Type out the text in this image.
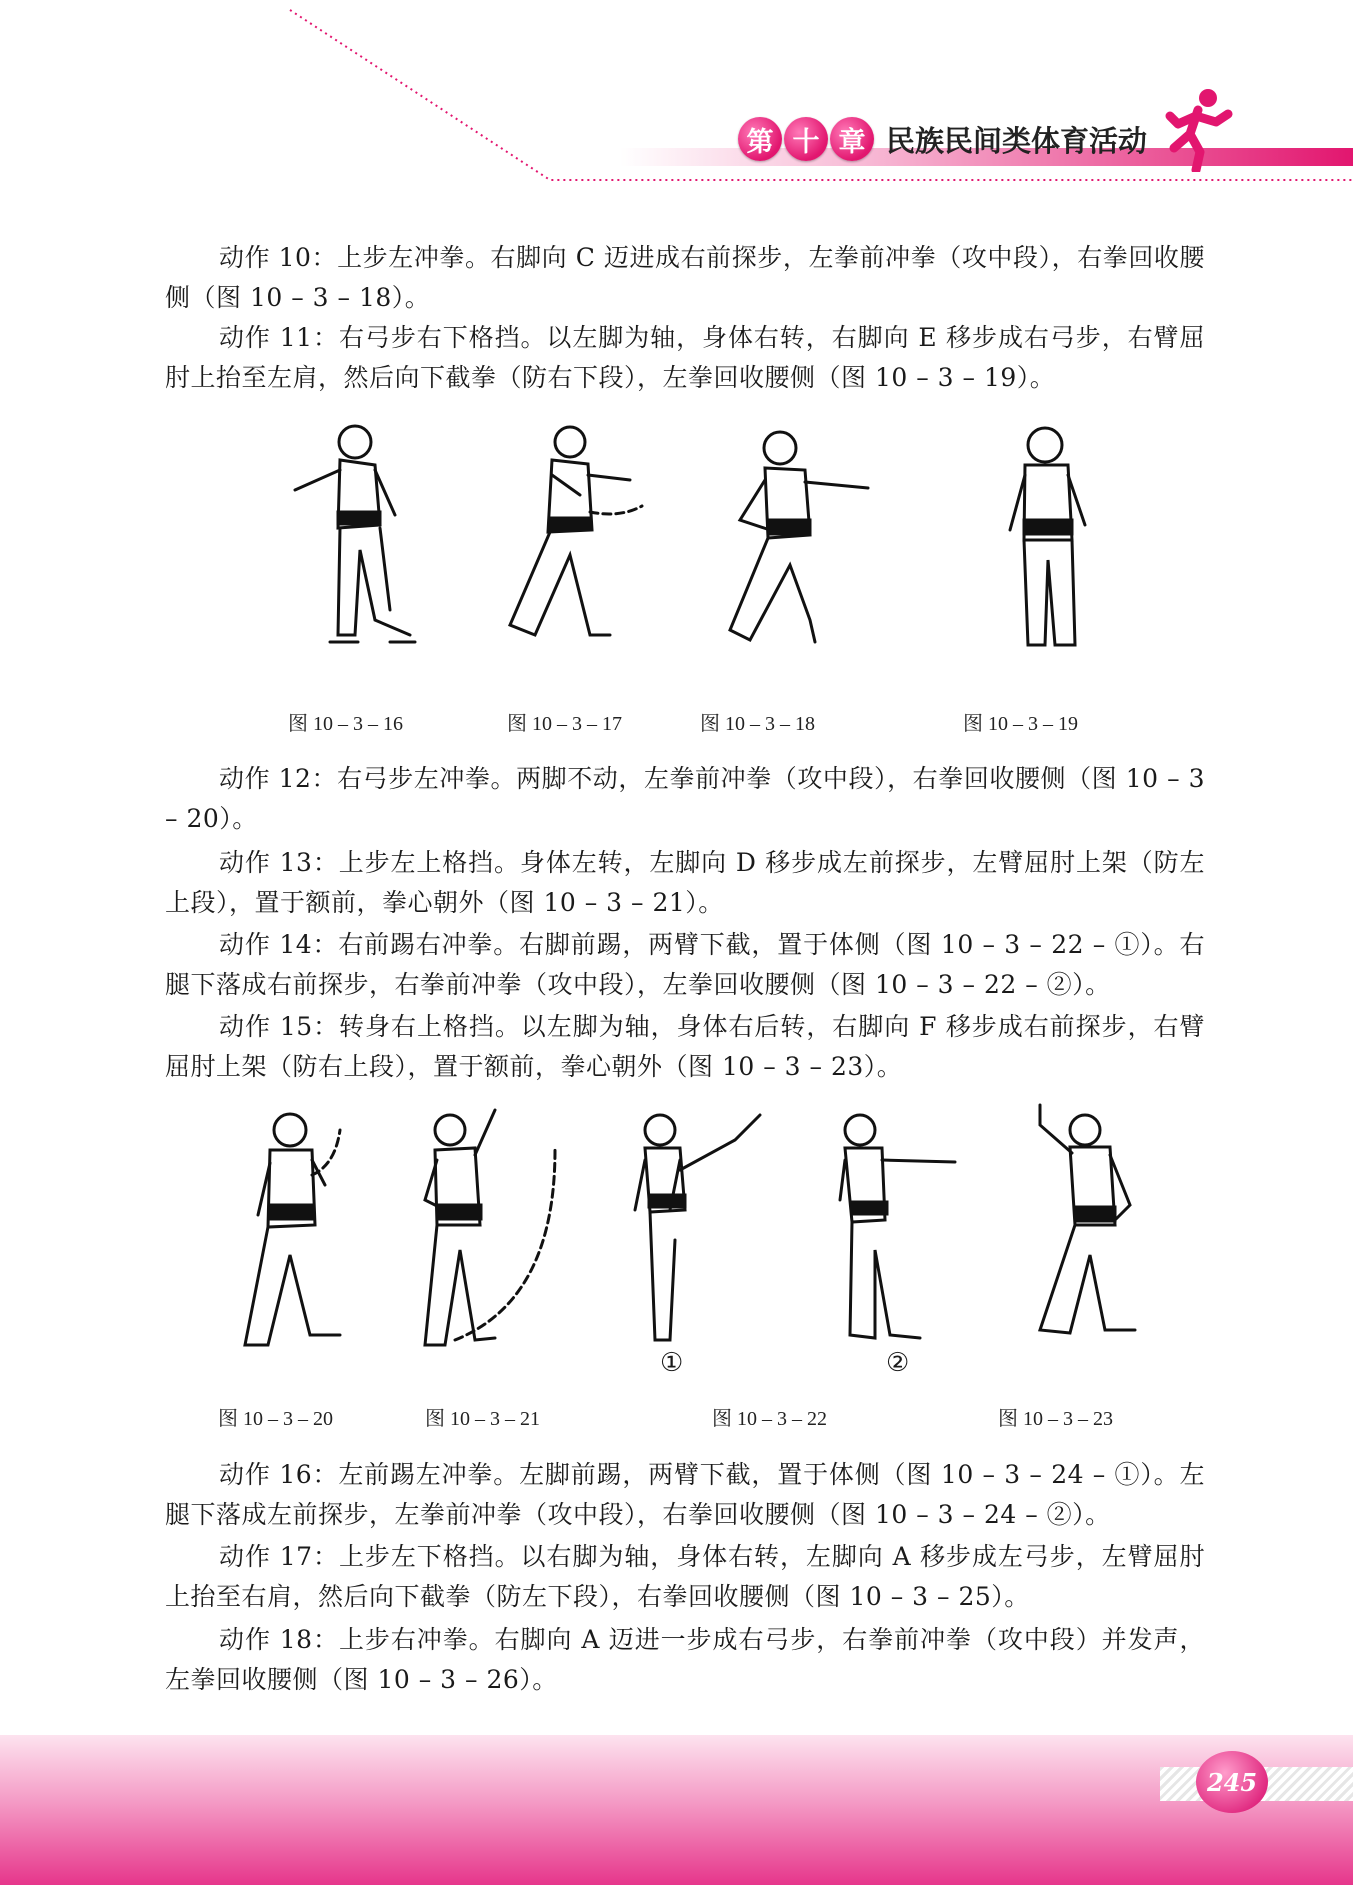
第 十 章 民族民间类体育活动

动作 10：上步左冲拳。右脚向 C 迈进成右前探步，左拳前冲拳（攻中段），右拳回收腰侧（图 10 – 3 – 18）。

动作 11：右弓步右下格挡。以左脚为轴，身体右转，右脚向 E 移步成右弓步，右臂屈肘上抬至左肩，然后向下截拳（防右下段），左拳回收腰侧（图 10 – 3 – 19）。

图 10 – 3 – 16	图 10 – 3 – 17	图 10 – 3 – 18	图 10 – 3 – 19

动作 12：右弓步左冲拳。两脚不动，左拳前冲拳（攻中段），右拳回收腰侧（图 10 – 3 – 20）。

动作 13：上步左上格挡。身体左转，左脚向 D 移步成左前探步，左臂屈肘上架（防左上段），置于额前，拳心朝外（图 10 – 3 – 21）。

动作 14：右前踢右冲拳。右脚前踢，两臂下截，置于体侧（图 10 – 3 – 22 – ①）。右腿下落成右前探步，右拳前冲拳（攻中段），左拳回收腰侧（图 10 – 3 – 22 – ②）。

动作 15：转身右上格挡。以左脚为轴，身体右后转，右脚向 F 移步成右前探步，右臂屈肘上架（防右上段），置于额前，拳心朝外（图 10 – 3 – 23）。

①	②
图 10 – 3 – 20	图 10 – 3 – 21	图 10 – 3 – 22	图 10 – 3 – 23

动作 16：左前踢左冲拳。左脚前踢，两臂下截，置于体侧（图 10 – 3 – 24 – ①）。左腿下落成左前探步，左拳前冲拳（攻中段），右拳回收腰侧（图 10 – 3 – 24 – ②）。

动作 17：上步左下格挡。以右脚为轴，身体右转，左脚向 A 移步成左弓步，左臂屈肘上抬至右肩，然后向下截拳（防左下段），右拳回收腰侧（图 10 – 3 – 25）。

动作 18：上步右冲拳。右脚向 A 迈进一步成右弓步，右拳前冲拳（攻中段）并发声，左拳回收腰侧（图 10 – 3 – 26）。

245
